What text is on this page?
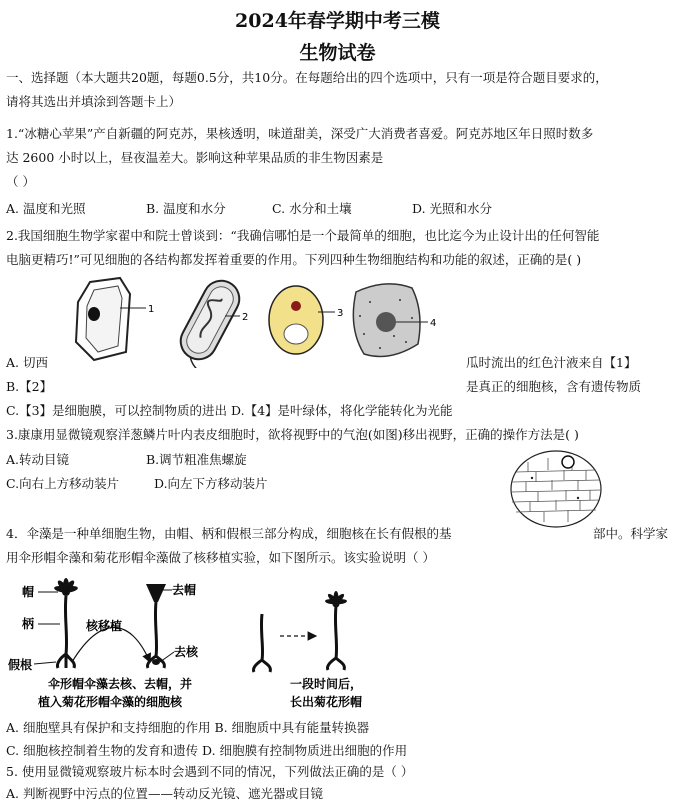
2024年春学期中考三模
生物试卷
一、选择题（本大题共20题，每题0.5分，共10分。在每题给出的四个选项中，只有一项是符合题目要求的，
请将其选出并填涂到答题卡上）
1.“冰糖心苹果”产自新疆的阿克苏，果核透明，味道甜美，深受广大消费者喜爱。阿克苏地区年日照时数多
达 2600 小时以上，昼夜温差大。影响这种苹果品质的非生物因素是
（ ）
A. 温度和光照	B. 温度和水分	C. 水分和土壤	D. 光照和水分
2.我国细胞生物学家翟中和院士曾谈到：“我确信哪怕是一个最简单的细胞，也比迄今为止设计出的任何智能
电脑更精巧!”可见细胞的各结构都发挥着重要的作用。下列四种生物细胞结构和功能的叙述，正确的是( )
1
2	3
4
A. 切西	瓜时流出的红色汁液来自【1】
B.【2】	是真正的细胞核，含有遗传物质
C.【3】是细胞膜，可以控制物质的进出 D.【4】是叶绿体，将化学能转化为光能
3.康康用显微镜观察洋葱鳞片叶内表皮细胞时，欲将视野中的气泡(如图)移出视野，正确的操作方法是( )
A.转动目镜	B.调节粗准焦螺旋
C.向右上方移动装片	D.向左下方移动装片
4．伞藻是一种单细胞生物，由帽、柄和假根三部分构成，细胞核在长有假根的基	部中。科学家
用伞形帽伞藻和菊花形帽伞藻做了核移植实验，如下图所示。该实验说明（ ）
帽
柄
假根
核移植
去帽
去核
伞形帽伞藻去核、去帽，并
植入菊花形帽伞藻的细胞核
一段时间后，
长出菊花形帽
A. 细胞壁具有保护和支持细胞的作用 B. 细胞质中具有能量转换器
C. 细胞核控制着生物的发育和遗传 D. 细胞膜有控制物质进出细胞的作用
5. 使用显微镜观察玻片标本时会遇到不同的情况，下列做法正确的是（ ）
A. 判断视野中污点的位置——转动反光镜、遮光器或目镜
